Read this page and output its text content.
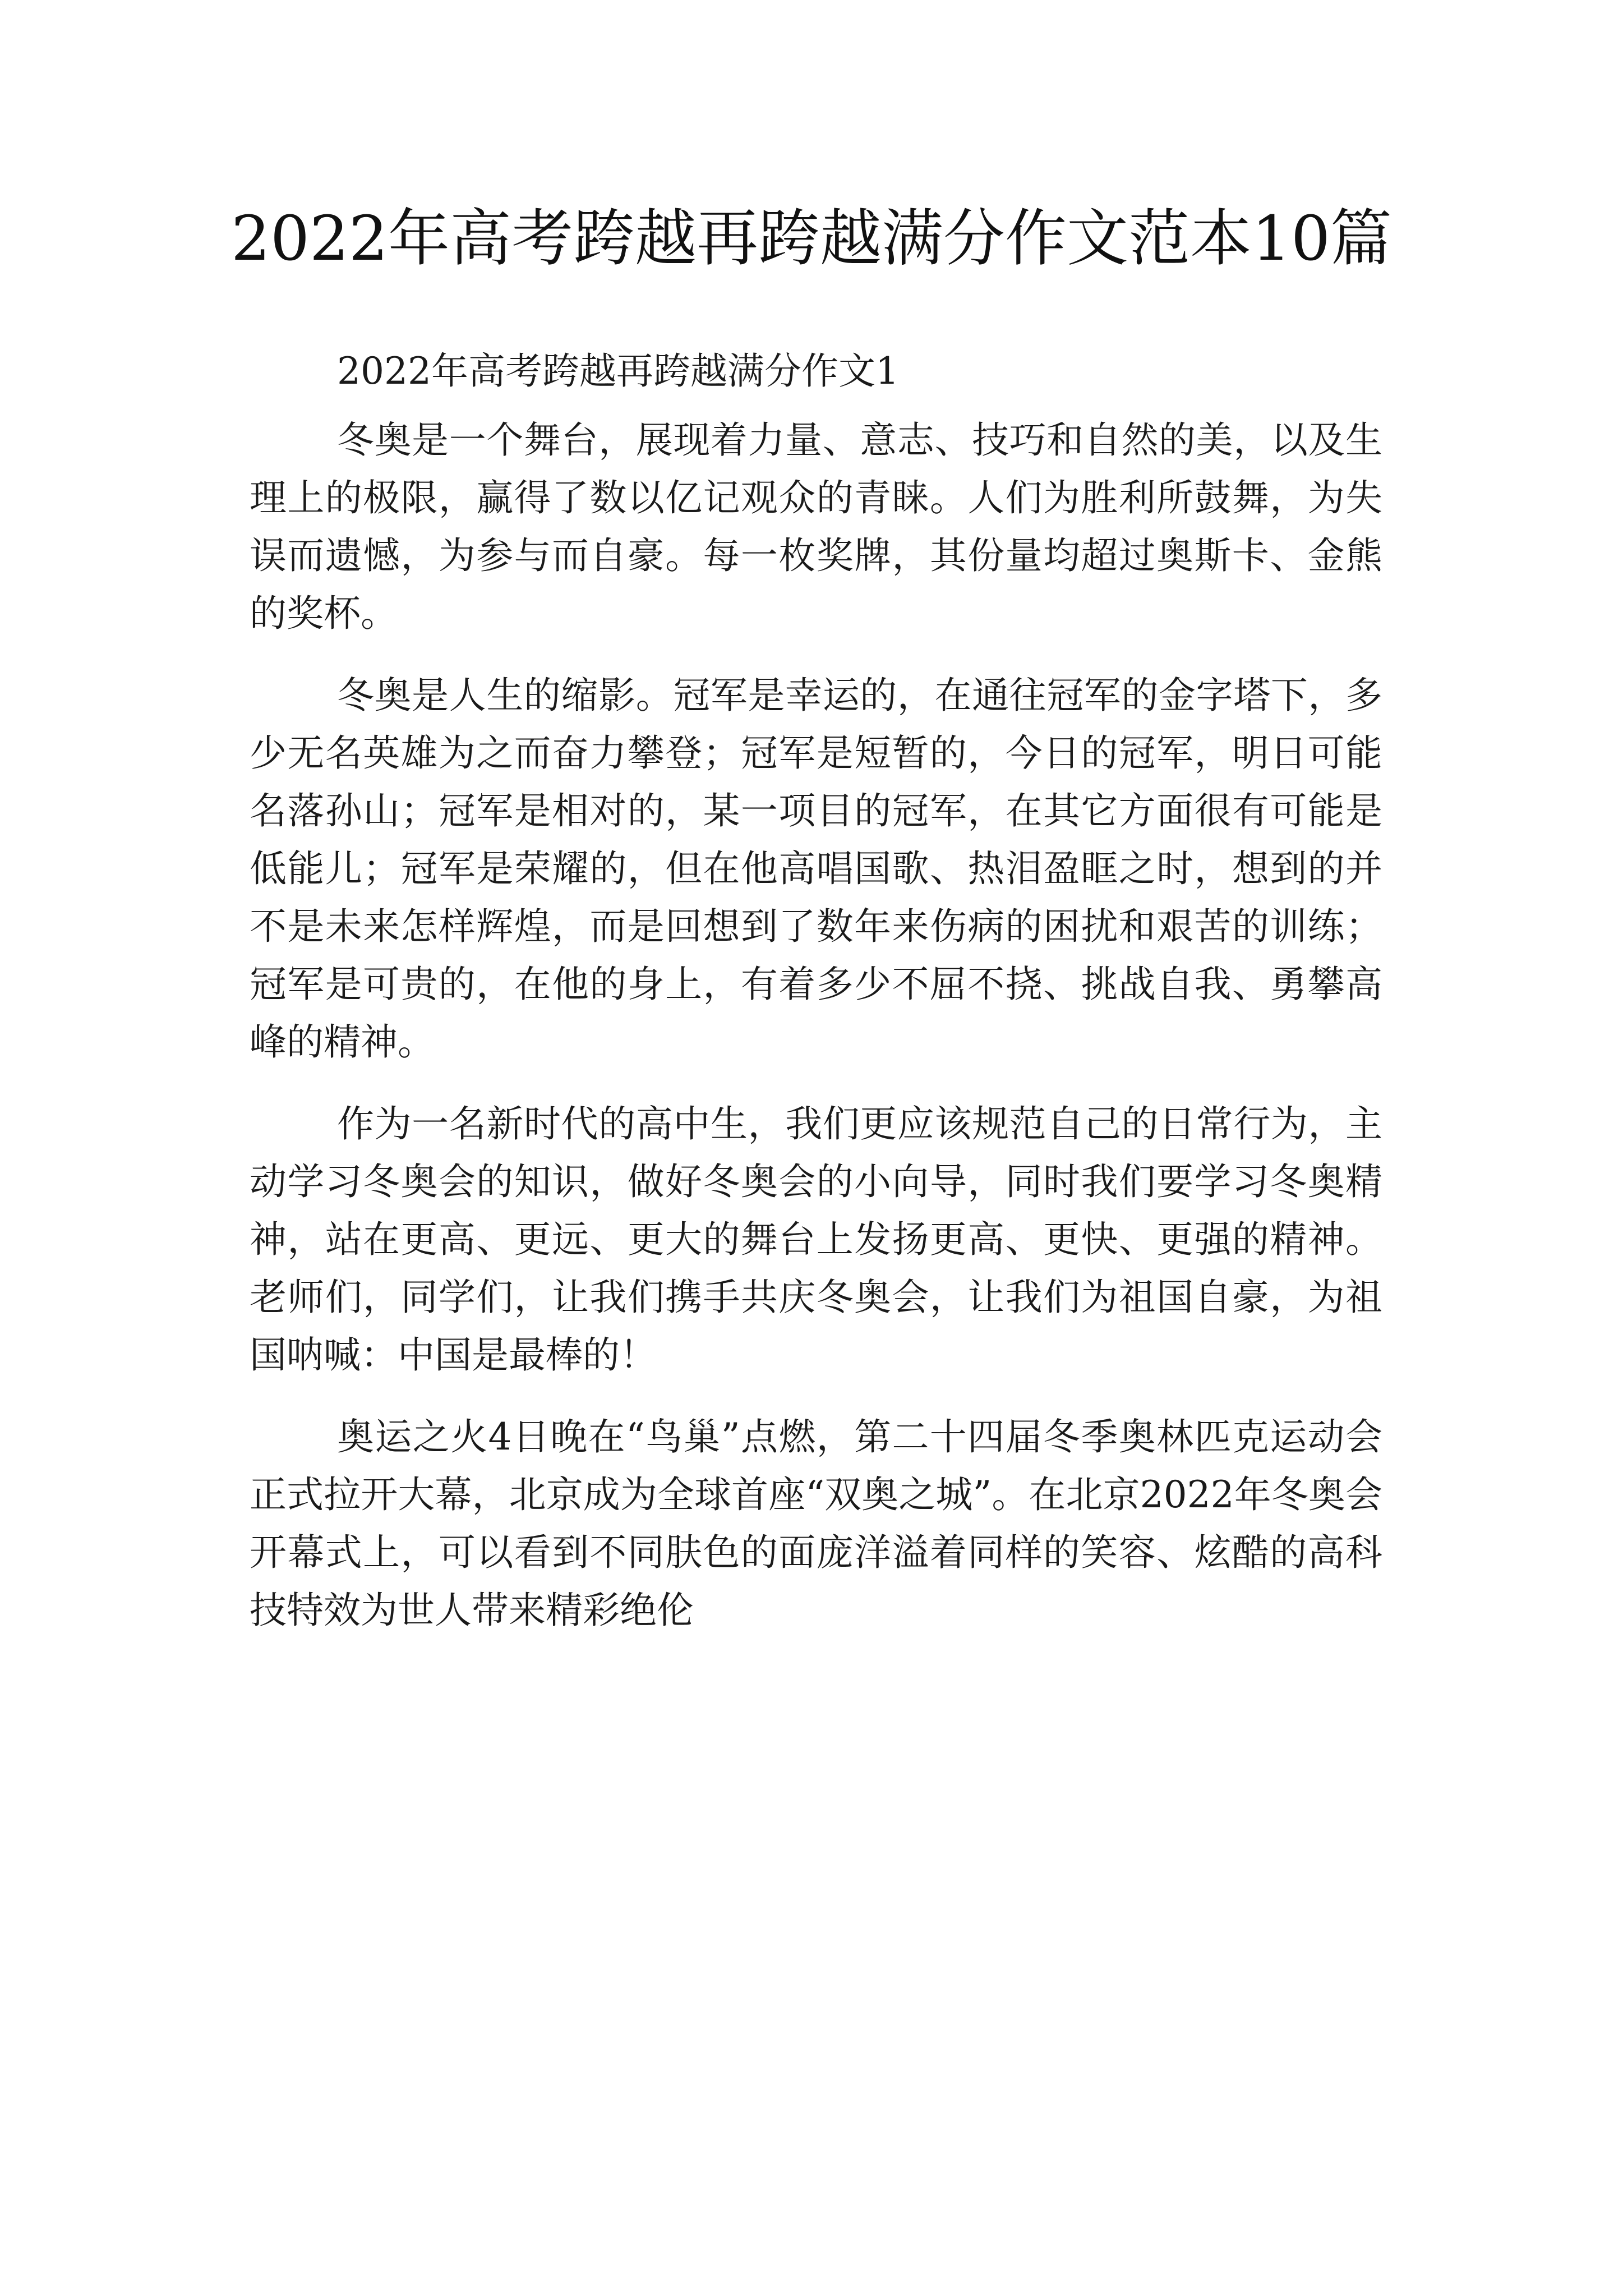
2022年高考跨越再跨越满分作文范本10篇

2022年高考跨越再跨越满分作文1

冬奥是一个舞台，展现着力量、意志、技巧和自然的美，以及生理上的极限，赢得了数以亿记观众的青睐。人们为胜利所鼓舞，为失误而遗憾，为参与而自豪。每一枚奖牌，其份量均超过奥斯卡、金熊的奖杯。

冬奥是人生的缩影。冠军是幸运的，在通往冠军的金字塔下，多少无名英雄为之而奋力攀登；冠军是短暂的，今日的冠军，明日可能名落孙山；冠军是相对的，某一项目的冠军，在其它方面很有可能是低能儿；冠军是荣耀的，但在他高唱国歌、热泪盈眶之时，想到的并不是未来怎样辉煌，而是回想到了数年来伤病的困扰和艰苦的训练；冠军是可贵的，在他的身上，有着多少不屈不挠、挑战自我、勇攀高峰的精神。

作为一名新时代的高中生，我们更应该规范自己的日常行为，主动学习冬奥会的知识，做好冬奥会的小向导，同时我们要学习冬奥精神，站在更高、更远、更大的舞台上发扬更高、更快、更强的精神。老师们，同学们，让我们携手共庆冬奥会，让我们为祖国自豪，为祖国呐喊：中国是最棒的！

奥运之火4日晚在“鸟巢”点燃，第二十四届冬季奥林匹克运动会正式拉开大幕，北京成为全球首座“双奥之城”。在北京2022年冬奥会开幕式上，可以看到不同肤色的面庞洋溢着同样的笑容、炫酷的高科技特效为世人带来精彩绝伦
